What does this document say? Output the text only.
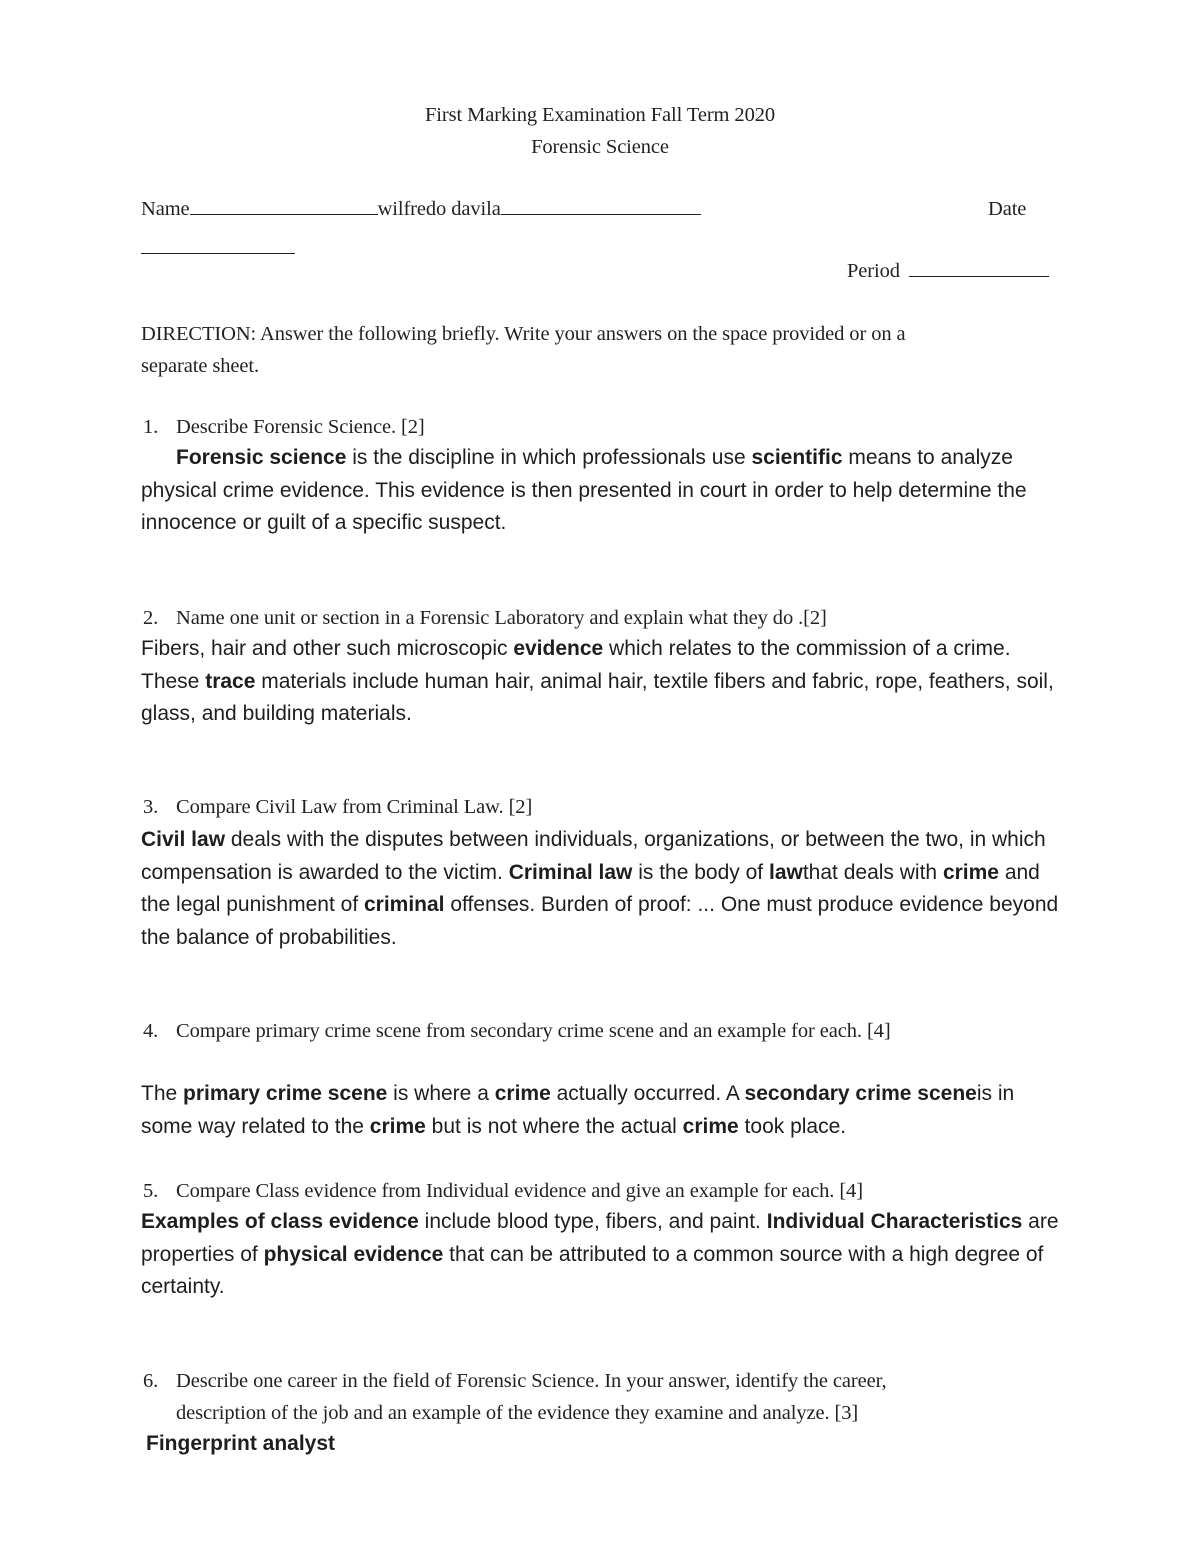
First Marking Examination Fall Term 2020
Forensic Science
Name	wilfredo davila	Date
Period
DIRECTION: Answer the following briefly. Write your answers on the space provided or on a
separate sheet.
1. Describe Forensic Science. [2]
Forensic science is the discipline in which professionals use scientific means to analyze physical crime evidence. This evidence is then presented in court in order to help determine the innocence or guilt of a specific suspect.
2. Name one unit or section in a Forensic Laboratory and explain what they do .[2]
Fibers, hair and other such microscopic evidence which relates to the commission of a crime. These trace materials include human hair, animal hair, textile fibers and fabric, rope, feathers, soil, glass, and building materials.
3. Compare Civil Law from Criminal Law. [2]
Civil law deals with the disputes between individuals, organizations, or between the two, in which compensation is awarded to the victim. Criminal law is the body of lawthat deals with crime and the legal punishment of criminal offenses. Burden of proof: ... One must produce evidence beyond the balance of probabilities.
4. Compare primary crime scene from secondary crime scene and an example for each. [4]
The primary crime scene is where a crime actually occurred. A secondary crime sceneis in some way related to the crime but is not where the actual crime took place.
5. Compare Class evidence from Individual evidence and give an example for each. [4]
Examples of class evidence include blood type, fibers, and paint. Individual Characteristics are properties of physical evidence that can be attributed to a common source with a high degree of certainty.
6. Describe one career in the field of Forensic Science. In your answer, identify the career,
description of the job and an example of the evidence they examine and analyze. [3]
Fingerprint analyst
